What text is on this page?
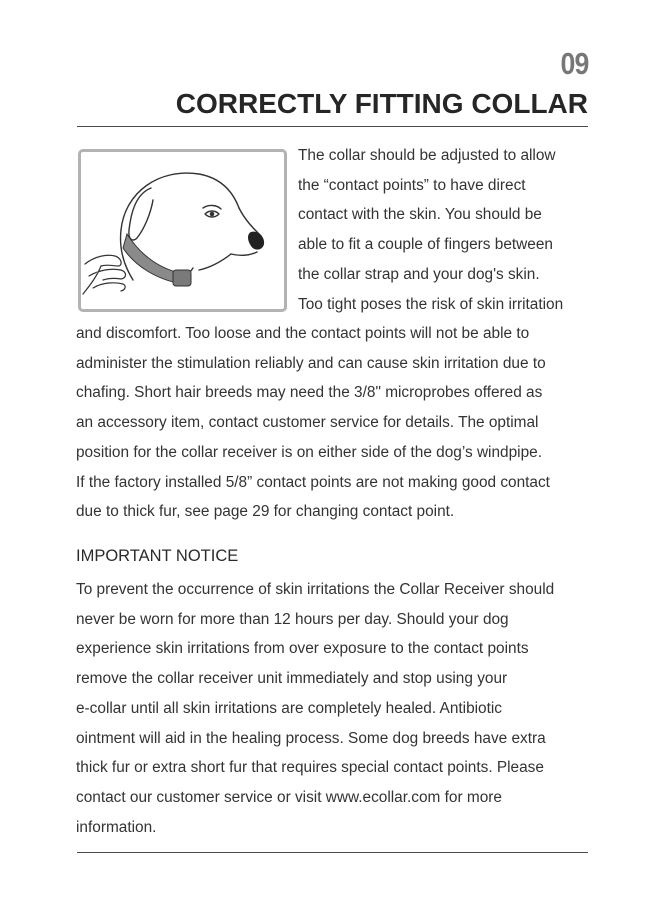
09
CORRECTLY FITTING COLLAR
The collar should be adjusted to allow
the “contact points” to have direct
contact with the skin. You should be
able to fit a couple of fingers between
the collar strap and your dog's skin.
Too tight poses the risk of skin irritation
and discomfort. Too loose and the contact points will not be able to
administer the stimulation reliably and can cause skin irritation due to
chafing. Short hair breeds may need the 3/8" microprobes offered as
an accessory item, contact customer service for details. The optimal
position for the collar receiver is on either side of the dog’s windpipe.
If the factory installed 5/8” contact points are not making good contact
due to thick fur, see page 29 for changing contact point.
IMPORTANT NOTICE
To prevent the occurrence of skin irritations the Collar Receiver should
never be worn for more than 12 hours per day. Should your dog
experience skin irritations from over exposure to the contact points
remove the collar receiver unit immediately and stop using your
e-collar until all skin irritations are completely healed. Antibiotic
ointment will aid in the healing process. Some dog breeds have extra
thick fur or extra short fur that requires special contact points. Please
contact our customer service or visit www.ecollar.com for more
information.
